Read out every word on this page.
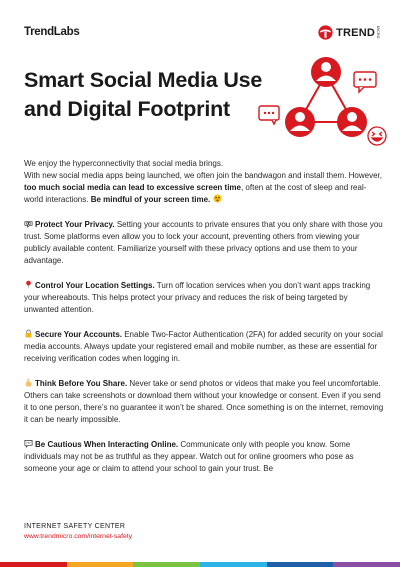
TrendLabs	TREND MICRO
Smart Social Media Use
and Digital Footprint

We enjoy the hyperconnectivity that social media brings.
With new social media apps being launched, we often join the bandwagon and install them. However, too much social media can lead to excessive screen time, often at the cost of sleep and real-world interactions. Be mindful of your screen time.

Protect Your Privacy. Setting your accounts to private ensures that you only share with those you trust. Some platforms even allow you to lock your account, preventing others from viewing your publicly available content. Familiarize yourself with these privacy options and use them to your advantage.

Control Your Location Settings. Turn off location services when you don’t want apps tracking your whereabouts. This helps protect your privacy and reduces the risk of being targeted by unwanted attention.

Secure Your Accounts. Enable Two-Factor Authentication (2FA) for added security on your social media accounts. Always update your registered email and mobile number, as these are essential for receiving verification codes when logging in.

Think Before You Share. Never take or send photos or videos that make you feel uncomfortable. Others can take screenshots or download them without your knowledge or consent. Even if you send it to one person, there’s no guarantee it won’t be shared. Once something is on the internet, removing it can be nearly impossible.

Be Cautious When Interacting Online. Communicate only with people you know. Some individuals may not be as truthful as they appear. Watch out for online groomers who pose as someone your age or claim to attend your school to gain your trust. Be

INTERNET SAFETY CENTER
www.trendmicro.com/internet-safety
